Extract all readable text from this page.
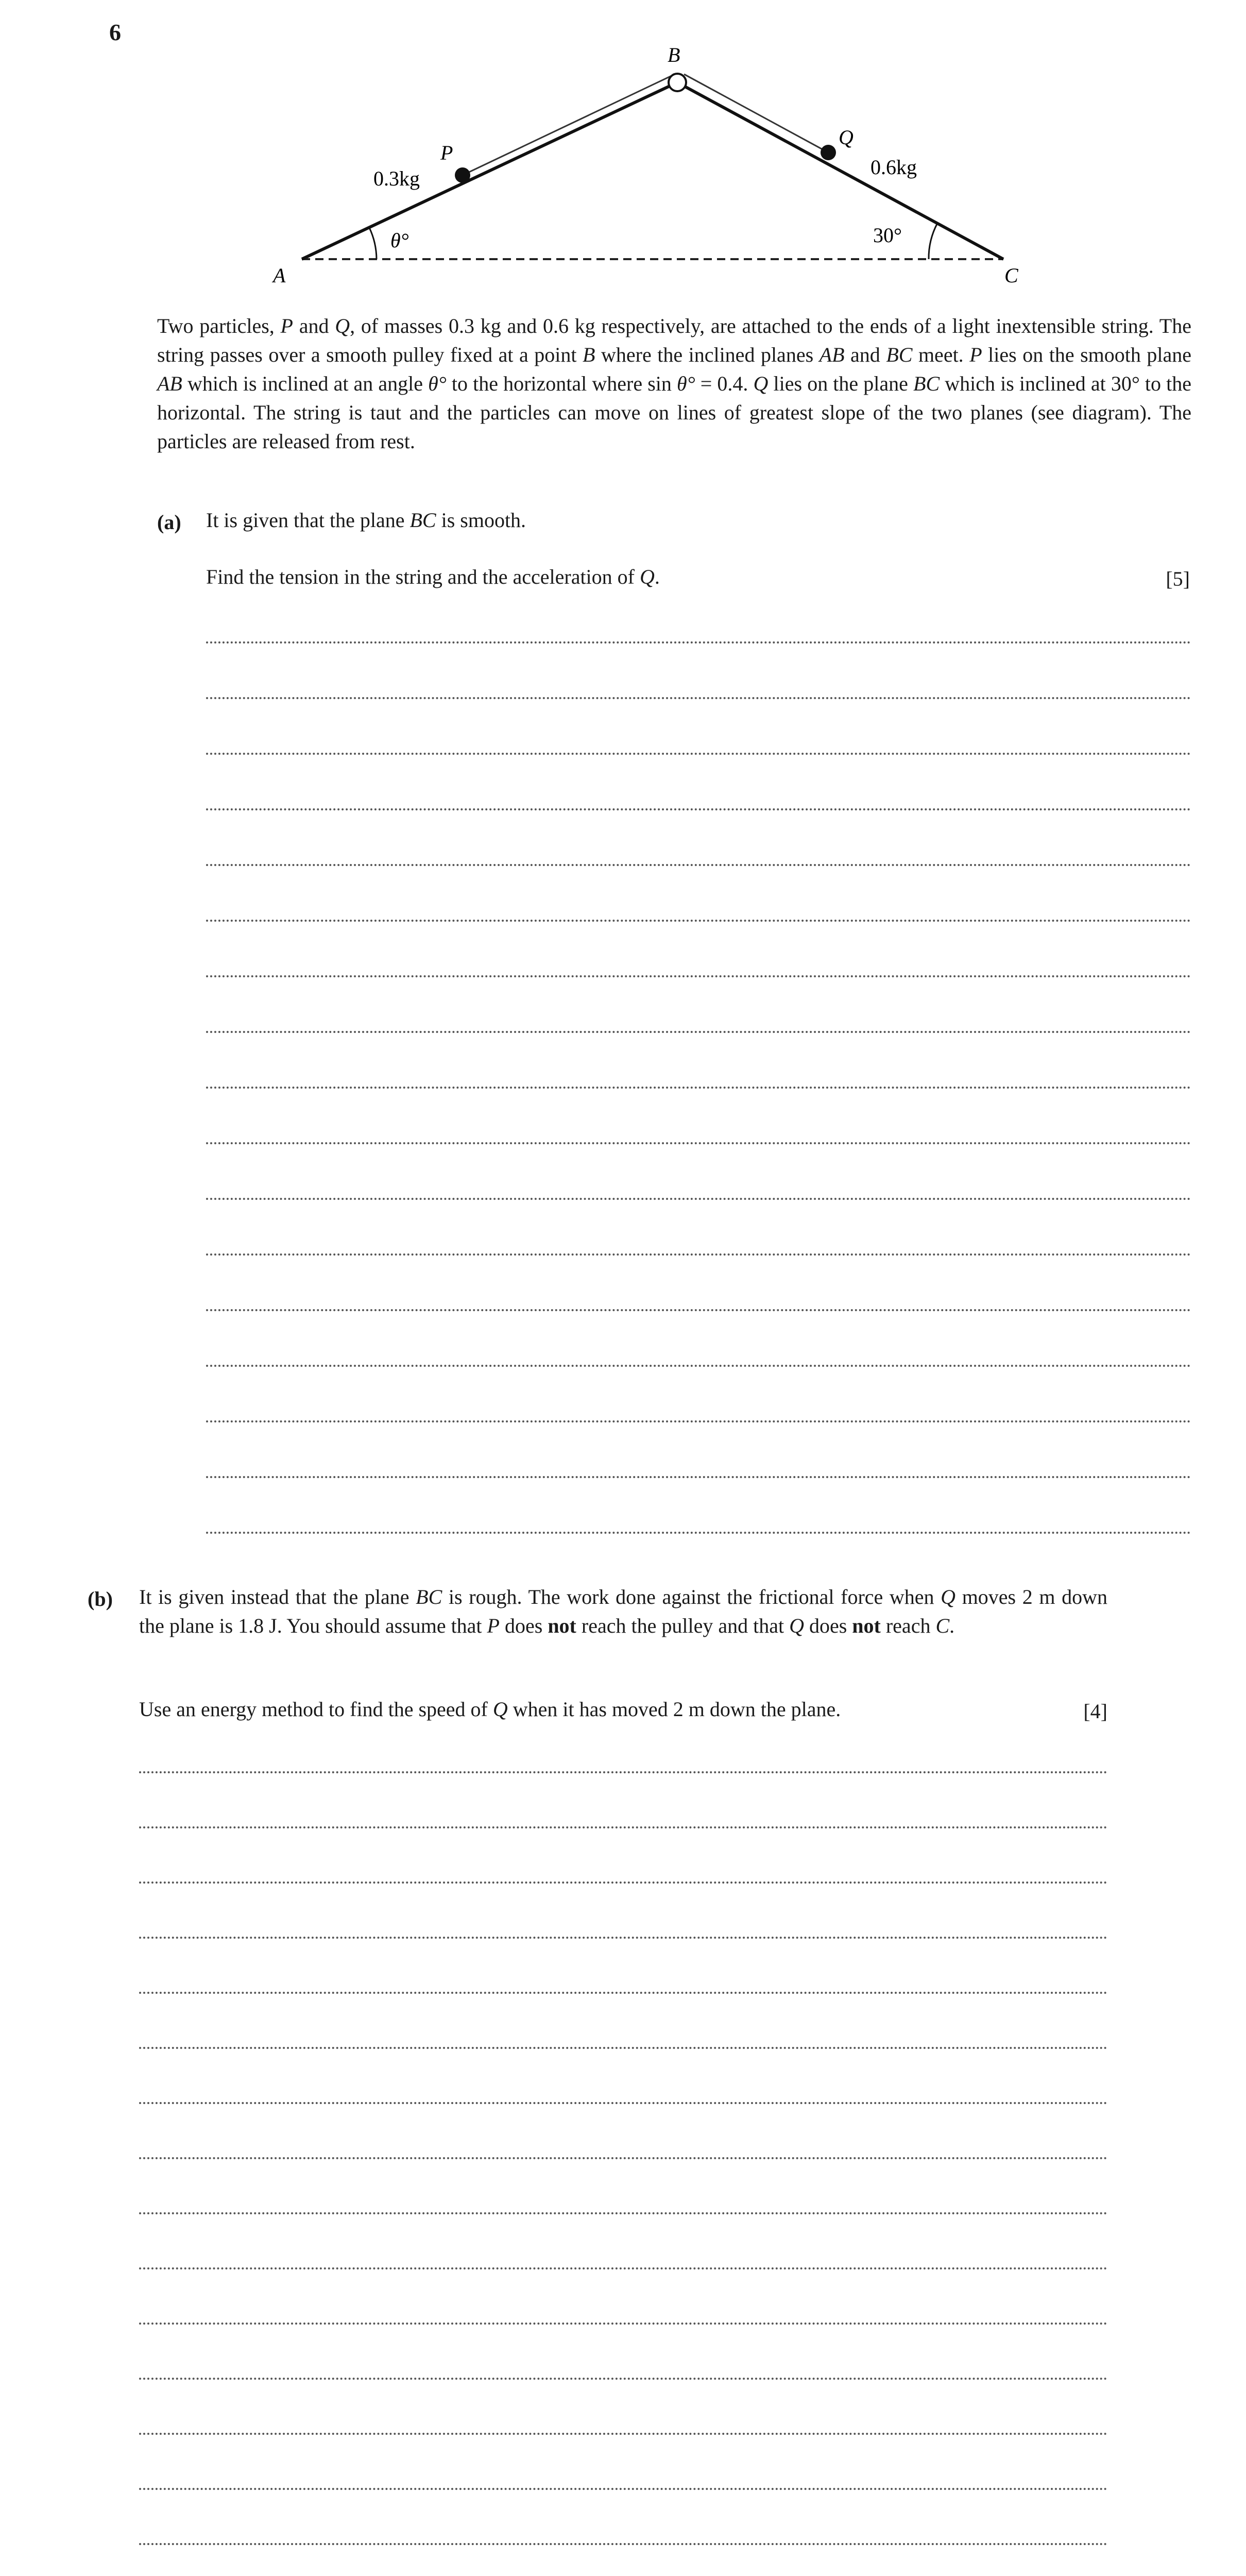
6
A
B
C
P
Q
0.3kg	0.6kg
θ°	30°

Two particles, P and Q, of masses 0.3 kg and 0.6 kg respectively, are attached to the ends of a light inextensible string. The string passes over a smooth pulley fixed at a point B where the inclined planes AB and BC meet. P lies on the smooth plane AB which is inclined at an angle θ° to the horizontal where sin θ° = 0.4. Q lies on the plane BC which is inclined at 30° to the horizontal. The string is taut and the particles can move on lines of greatest slope of the two planes (see diagram). The particles are released from rest.

(a) It is given that the plane BC is smooth.

Find the tension in the string and the acceleration of Q.	[5]
(b) It is given instead that the plane BC is rough. The work done against the frictional force when Q moves 2 m down the plane is 1.8 J. You should assume that P does not reach the pulley and that Q does not reach C.

Use an energy method to find the speed of Q when it has moved 2 m down the plane.	[4]
